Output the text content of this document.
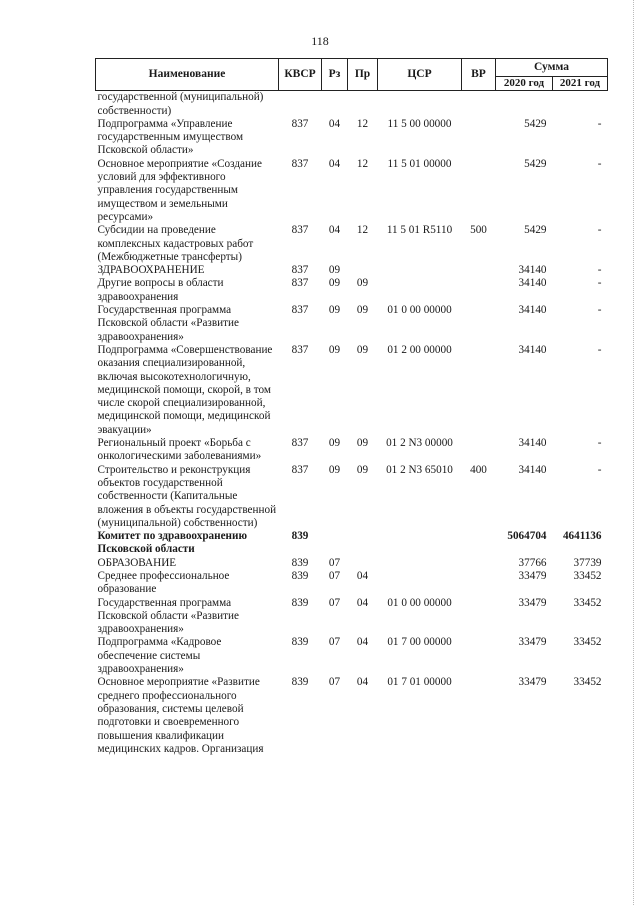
118
Наименование	КВСР	Рз	Пр	ЦСР	ВР	Сумма	
						2020 год	2021 год
государственной (муниципальной) собственности)							
Подпрограмма «Управление государственным имуществом Псковской области»	837	04	12	11 5 00 00000		5429	-
Основное мероприятие «Создание условий для эффективного управления государственным имуществом и земельными ресурсами»	837	04	12	11 5 01 00000		5429	-
Субсидии на проведение комплексных кадастровых работ (Межбюджетные трансферты)	837	04	12	11 5 01 R5110	500	5429	-
ЗДРАВООХРАНЕНИЕ	837	09				34140	-
Другие вопросы в области здравоохранения	837	09	09			34140	-
Государственная программа Псковской области «Развитие здравоохранения»	837	09	09	01 0 00 00000		34140	-
Подпрограмма «Совершенствование оказания специализированной, включая высокотехнологичную, медицинской помощи, скорой, в том числе скорой специализированной, медицинской помощи, медицинской эвакуации»	837	09	09	01 2 00 00000		34140	-
Региональный проект «Борьба с онкологическими заболеваниями»	837	09	09	01 2 N3 00000		34140	-
Строительство и реконструкция объектов государственной собственности (Капитальные вложения в объекты государственной (муниципальной) собственности)	837	09	09	01 2 N3 65010	400	34140	-
Комитет по здравоохранению Псковской области	839					5064704	4641136
ОБРАЗОВАНИЕ	839	07				37766	37739
Среднее профессиональное образование	839	07	04			33479	33452
Государственная программа Псковской области «Развитие здравоохранения»	839	07	04	01 0 00 00000		33479	33452
Подпрограмма «Кадровое обеспечение системы здравоохранения»	839	07	04	01 7 00 00000		33479	33452
Основное мероприятие «Развитие среднего профессионального образования, системы целевой подготовки и своевременного повышения квалификации медицинских кадров. Организация	839	07	04	01 7 01 00000		33479	33452
